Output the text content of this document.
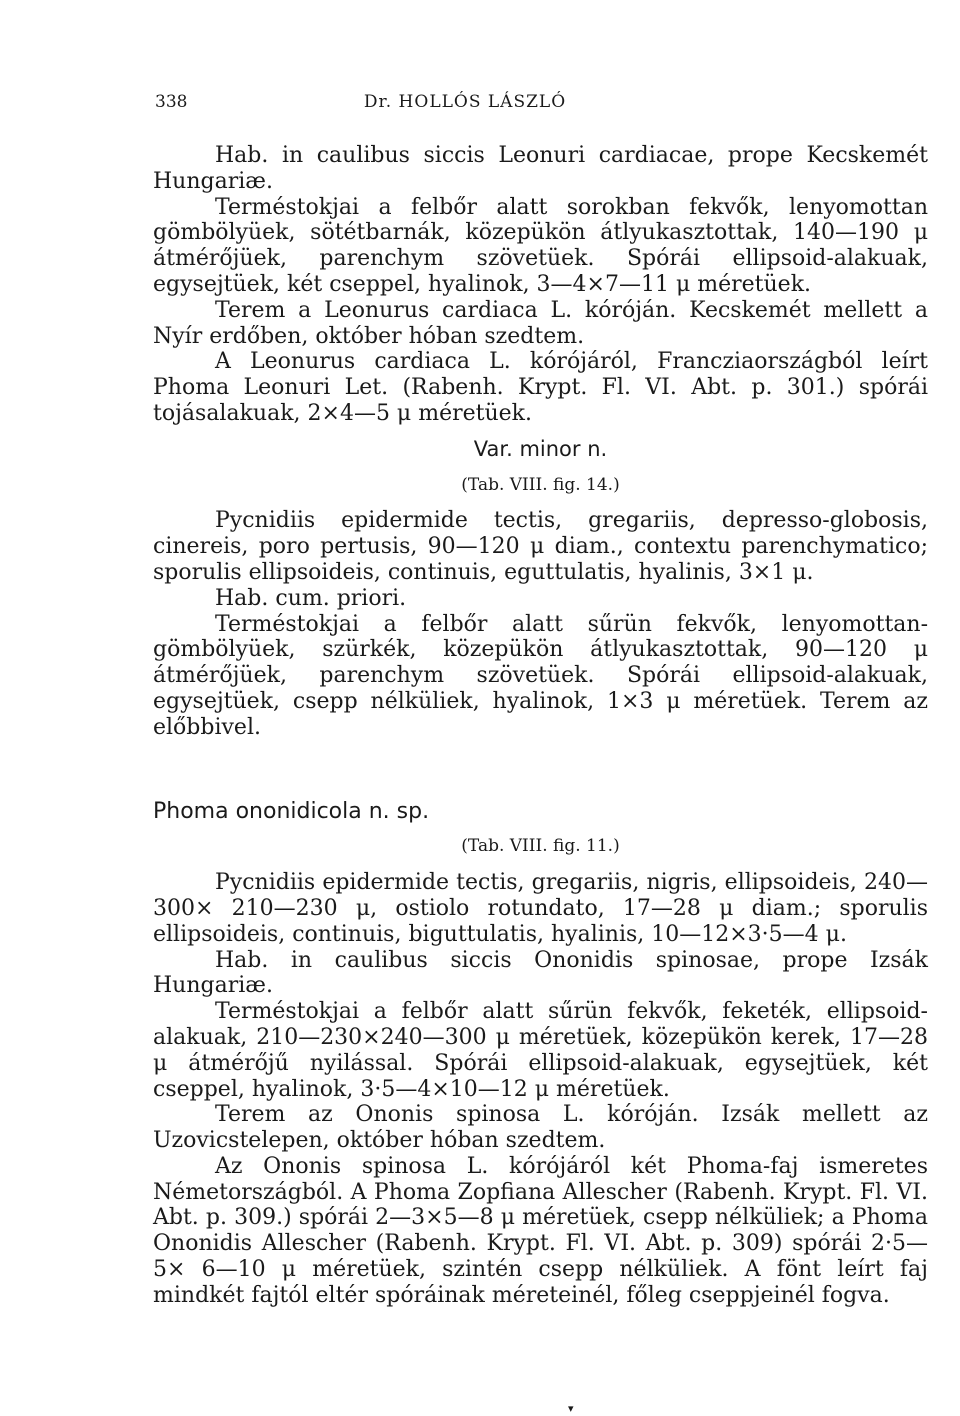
338	Dr. HOLLÓS LÁSZLÓ

Hab. in caulibus siccis Leonuri cardiacae, prope Kecskemét Hungariæ.

Terméstokjai a felbőr alatt sorokban fekvők, lenyomottan gömbölyüek, sötétbarnák, közepükön átlyukasztottak, 140—190 μ átmérőjüek, parenchym szövetüek. Spórái ellipsoid-alakuak, egysejtüek, két cseppel, hyalinok, 3—4×7—11 μ méretüek.

Terem a Leonurus cardiaca L. kóróján. Kecskemét mellett a Nyír erdőben, október hóban szedtem.

A Leonurus cardiaca L. kórójáról, Francziaországból leírt Phoma Leonuri Let. (Rabenh. Krypt. Fl. VI. Abt. p. 301.) spórái tojásalakuak, 2×4—5 μ méretüek.

Var. minor n.

(Tab. VIII. fig. 14.)

Pycnidiis epidermide tectis, gregariis, depresso-globosis, cinereis, poro pertusis, 90—120 μ diam., contextu parenchymatico; sporulis ellipsoideis, continuis, eguttulatis, hyalinis, 3×1 μ.

Hab. cum. priori.

Terméstokjai a felbőr alatt sűrün fekvők, lenyomottan-gömbölyüek, szürkék, közepükön átlyukasztottak, 90—120 μ átmérőjüek, parenchym szövetüek. Spórái ellipsoid-alakuak, egysejtüek, csepp nélküliek, hyalinok, 1×3 μ méretüek. Terem az előbbivel.

Phoma ononidicola n. sp.

(Tab. VIII. fig. 11.)

Pycnidiis epidermide tectis, gregariis, nigris, ellipsoideis, 240—300× 210—230 μ, ostiolo rotundato, 17—28 μ diam.; sporulis ellipsoideis, continuis, biguttulatis, hyalinis, 10—12×3·5—4 μ.

Hab. in caulibus siccis Ononidis spinosae, prope Izsák Hungariæ.

Terméstokjai a felbőr alatt sűrün fekvők, feketék, ellipsoid-alakuak, 210—230×240—300 μ méretüek, közepükön kerek, 17—28 μ átmérőjű nyilással. Spórái ellipsoid-alakuak, egysejtüek, két cseppel, hyalinok, 3·5—4×10—12 μ méretüek.

Terem az Ononis spinosa L. kóróján. Izsák mellett az Uzovicstelepen, október hóban szedtem.

Az Ononis spinosa L. kórójáról két Phoma-faj ismeretes Németországból. A Phoma Zopfiana Allescher (Rabenh. Krypt. Fl. VI. Abt. p. 309.) spórái 2—3×5—8 μ méretüek, csepp nélküliek; a Phoma Ononidis Allescher (Rabenh. Krypt. Fl. VI. Abt. p. 309) spórái 2·5—5× 6—10 μ méretüek, szintén csepp nélküliek. A fönt leírt faj mindkét fajtól eltér spóráinak méreteinél, főleg cseppjeinél fogva.

▾
